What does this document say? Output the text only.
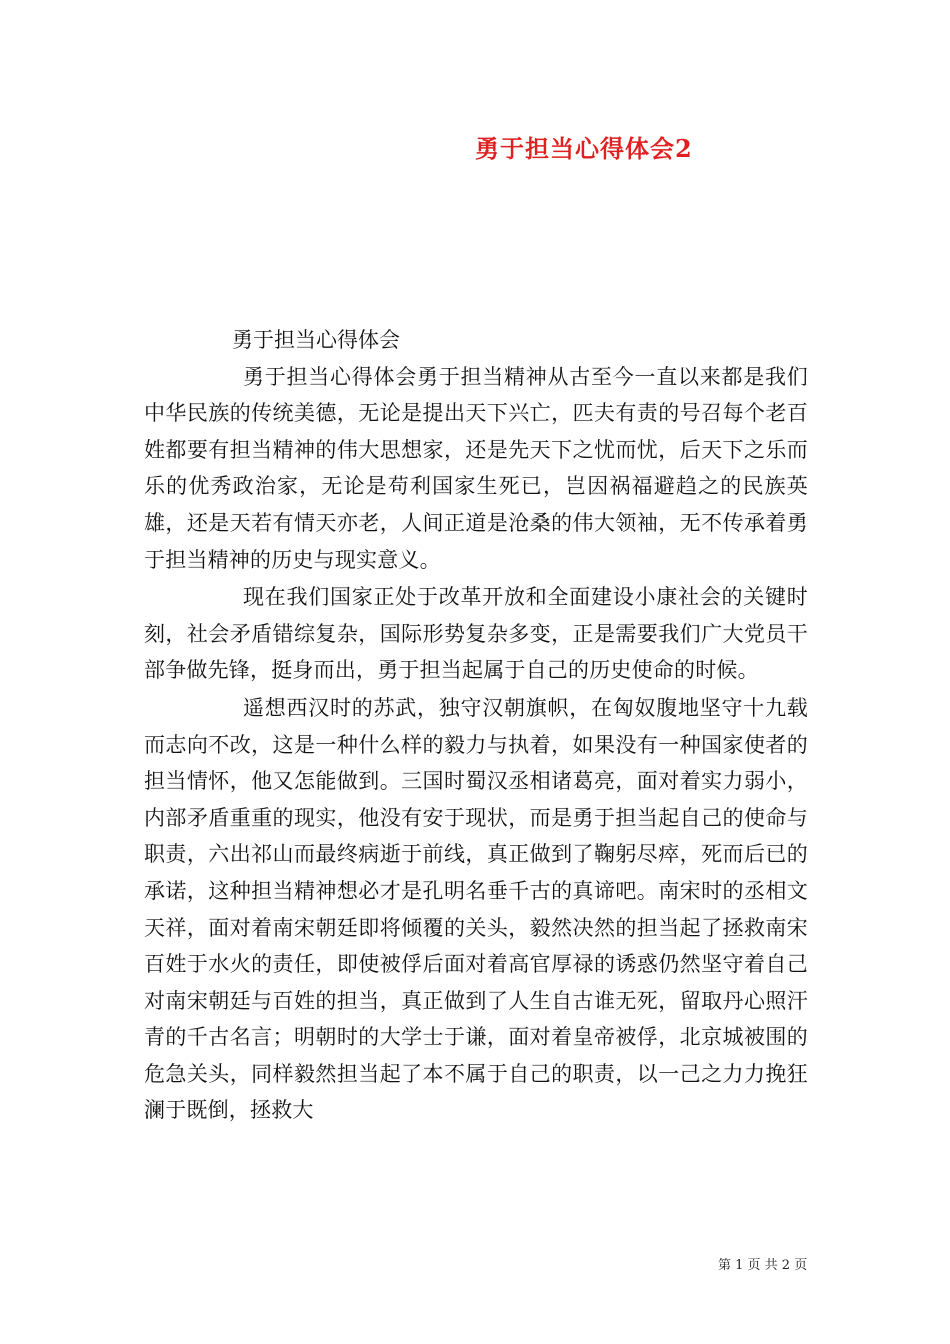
勇于担当心得体会2

勇于担当心得体会

勇于担当心得体会勇于担当精神从古至今一直以来都是我们中华民族的传统美德，无论是提出天下兴亡，匹夫有责的号召每个老百姓都要有担当精神的伟大思想家，还是先天下之忧而忧，后天下之乐而乐的优秀政治家，无论是苟利国家生死已，岂因祸福避趋之的民族英雄，还是天若有情天亦老，人间正道是沧桑的伟大领袖，无不传承着勇于担当精神的历史与现实意义。

现在我们国家正处于改革开放和全面建设小康社会的关键时刻，社会矛盾错综复杂，国际形势复杂多变，正是需要我们广大党员干部争做先锋，挺身而出，勇于担当起属于自己的历史使命的时候。

遥想西汉时的苏武，独守汉朝旗帜，在匈奴腹地坚守十九载而志向不改，这是一种什么样的毅力与执着，如果没有一种国家使者的担当情怀，他又怎能做到。三国时蜀汉丞相诸葛亮，面对着实力弱小，内部矛盾重重的现实，他没有安于现状，而是勇于担当起自己的使命与职责，六出祁山而最终病逝于前线，真正做到了鞠躬尽瘁，死而后已的承诺，这种担当精神想必才是孔明名垂千古的真谛吧。南宋时的丞相文天祥，面对着南宋朝廷即将倾覆的关头，毅然决然的担当起了拯救南宋百姓于水火的责任，即使被俘后面对着高官厚禄的诱惑仍然坚守着自己对南宋朝廷与百姓的担当，真正做到了人生自古谁无死，留取丹心照汗青的千古名言；明朝时的大学士于谦，面对着皇帝被俘，北京城被围的危急关头，同样毅然担当起了本不属于自己的职责，以一己之力力挽狂澜于既倒，拯救大

第 1 页 共 2 页
